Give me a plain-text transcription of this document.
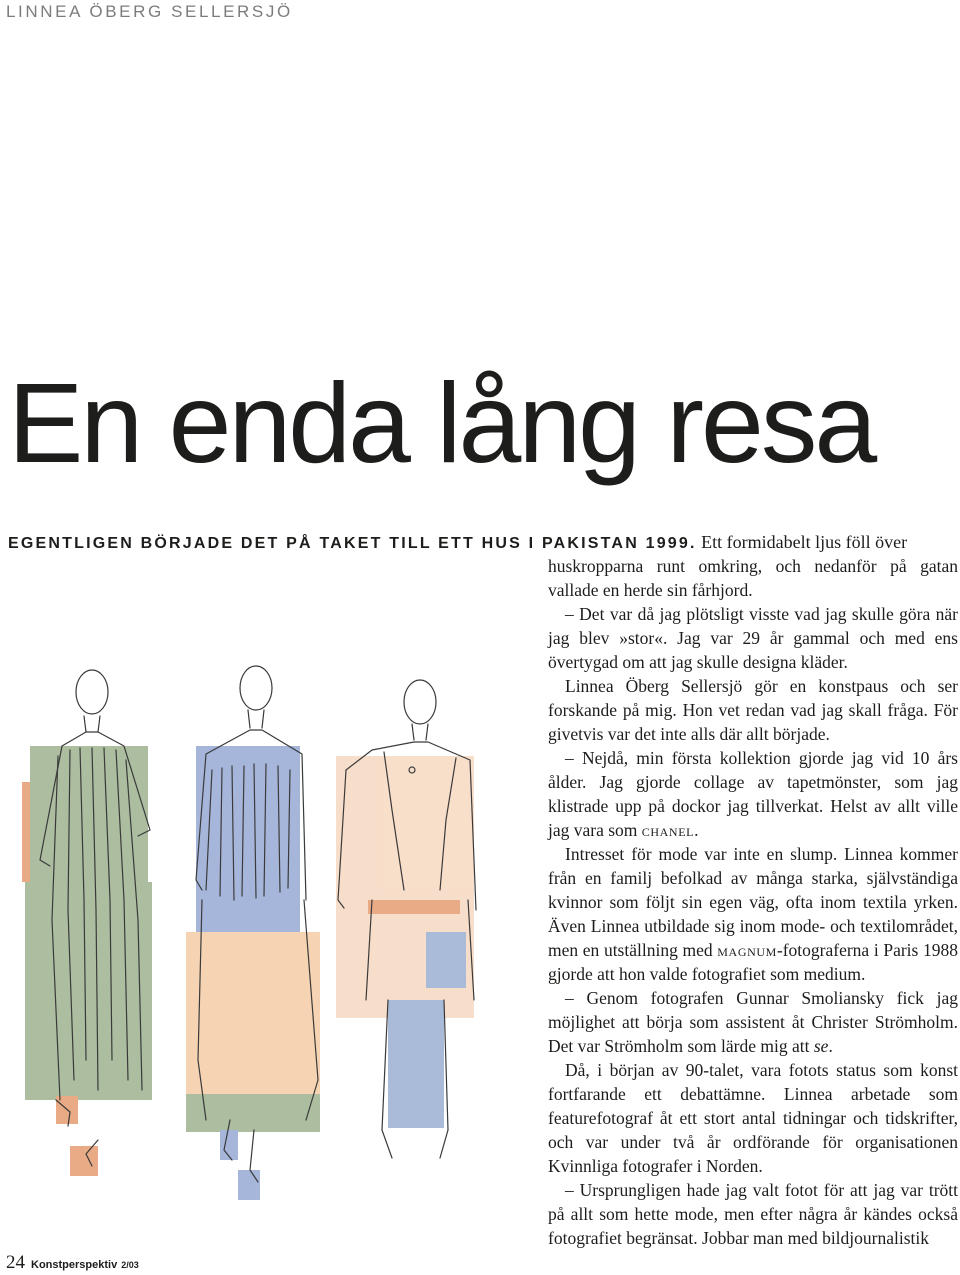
LINNEA ÖBERG SELLERSJÖ
En enda lång resa
EGENTLIGEN BÖRJADE DET PÅ TAKET TILL ETT HUS I PAKISTAN 1999. Ett formidabelt ljus föll över

huskropparna runt omkring, och nedanför på gatan vallade en herde sin fårhjord.

– Det var då jag plötsligt visste vad jag skulle göra när jag blev »stor«. Jag var 29 år gammal och med ens övertygad om att jag skulle designa kläder.

Linnea Öberg Sellersjö gör en konstpaus och ser forskande på mig. Hon vet redan vad jag skall fråga. För givetvis var det inte alls där allt började.

– Nejdå, min första kollektion gjorde jag vid 10 års ålder. Jag gjorde collage av tapetmönster, som jag klistrade upp på dockor jag tillverkat. Helst av allt ville jag vara som chanel.

Intresset för mode var inte en slump. Linnea kommer från en familj befolkad av många starka, självständiga kvinnor som följt sin egen väg, ofta inom textila yrken. Även Linnea utbildade sig inom mode- och textilområdet, men en utställning med magnum-fotograferna i Paris 1988 gjorde att hon valde fotografiet som medium.

– Genom fotografen Gunnar Smoliansky fick jag möjlighet att börja som assistent åt Christer Strömholm. Det var Strömholm som lärde mig att se.

Då, i början av 90-talet, vara fotots status som konst fortfarande ett debattämne. Linnea arbetade som featurefotograf åt ett stort antal tidningar och tidskrifter, och var under två år ordförande för organisationen Kvinnliga fotografer i Norden.

– Ursprungligen hade jag valt fotot för att jag var trött på allt som hette mode, men efter några år kändes också fotografiet begränsat. Jobbar man med bildjournalistik

24 Konstperspektiv 2/03
